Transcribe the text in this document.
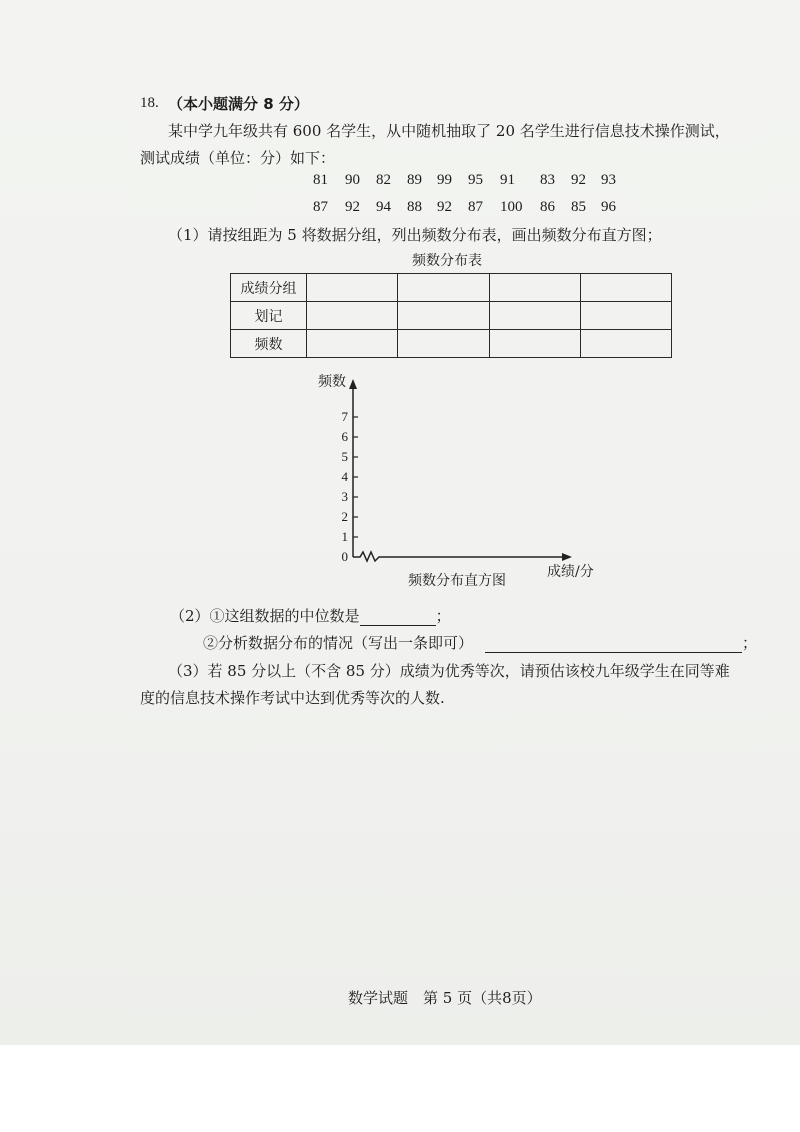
18. （本小题满分 8 分）
某中学九年级共有 600 名学生，从中随机抽取了 20 名学生进行信息技术操作测试，
测试成绩（单位：分）如下：
81 90 82 89 99 95 91 83 92 93
87 92 94 88 92 87 100 86 85 96
（1）请按组距为 5 将数据分组，列出频数分布表，画出频数分布直方图；
频数分布表
成绩分组				
划记				
频数				
频数
0
1
2
3
4
5
6
7
成绩/分
频数分布直方图
（2）①这组数据的中位数是	；
②分析数据分布的情况（写出一条即可）	；
（3）若 85 分以上（不含 85 分）成绩为优秀等次，请预估该校九年级学生在同等难
度的信息技术操作考试中达到优秀等次的人数.
数学试题　第 5 页（共8页）
